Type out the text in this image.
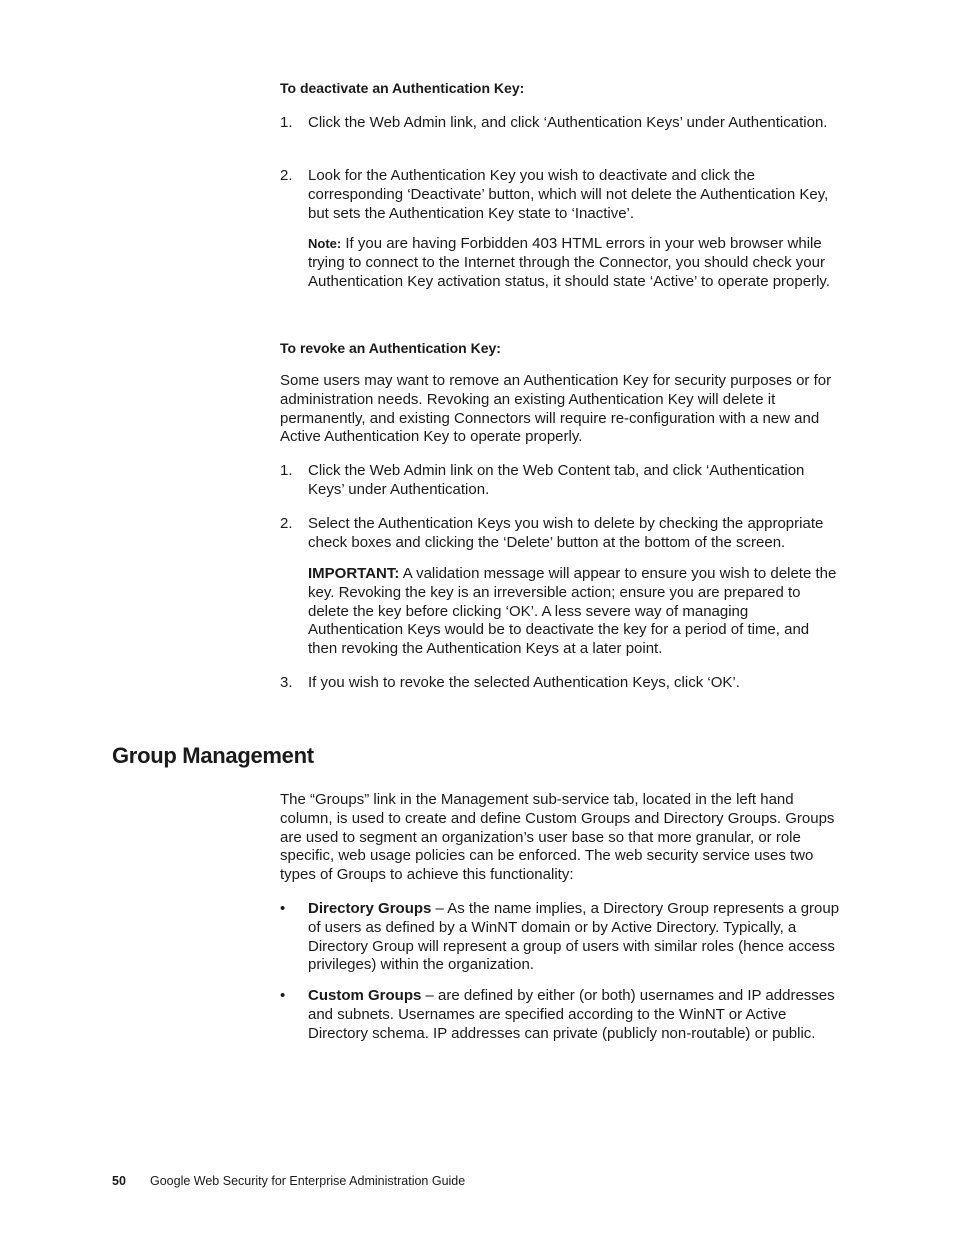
To deactivate an Authentication Key:

1. Click the Web Admin link, and click ‘Authentication Keys’ under Authentication.

2. Look for the Authentication Key you wish to deactivate and click the corresponding ‘Deactivate’ button, which will not delete the Authentication Key, but sets the Authentication Key state to ‘Inactive’.

Note: If you are having Forbidden 403 HTML errors in your web browser while trying to connect to the Internet through the Connector, you should check your Authentication Key activation status, it should state ‘Active’ to operate properly.

To revoke an Authentication Key:

Some users may want to remove an Authentication Key for security purposes or for administration needs. Revoking an existing Authentication Key will delete it permanently, and existing Connectors will require re-configuration with a new and Active Authentication Key to operate properly.

1. Click the Web Admin link on the Web Content tab, and click ‘Authentication Keys’ under Authentication.

2. Select the Authentication Keys you wish to delete by checking the appropriate check boxes and clicking the ‘Delete’ button at the bottom of the screen.

IMPORTANT: A validation message will appear to ensure you wish to delete the key. Revoking the key is an irreversible action; ensure you are prepared to delete the key before clicking ‘OK’. A less severe way of managing Authentication Keys would be to deactivate the key for a period of time, and then revoking the Authentication Keys at a later point.

3. If you wish to revoke the selected Authentication Keys, click ‘OK’.

Group Management

The “Groups” link in the Management sub-service tab, located in the left hand column, is used to create and define Custom Groups and Directory Groups. Groups are used to segment an organization’s user base so that more granular, or role specific, web usage policies can be enforced. The web security service uses two types of Groups to achieve this functionality:

• Directory Groups – As the name implies, a Directory Group represents a group of users as defined by a WinNT domain or by Active Directory. Typically, a Directory Group will represent a group of users with similar roles (hence access privileges) within the organization.

• Custom Groups – are defined by either (or both) usernames and IP addresses and subnets. Usernames are specified according to the WinNT or Active Directory schema. IP addresses can private (publicly non-routable) or public.

50 Google Web Security for Enterprise Administration Guide
